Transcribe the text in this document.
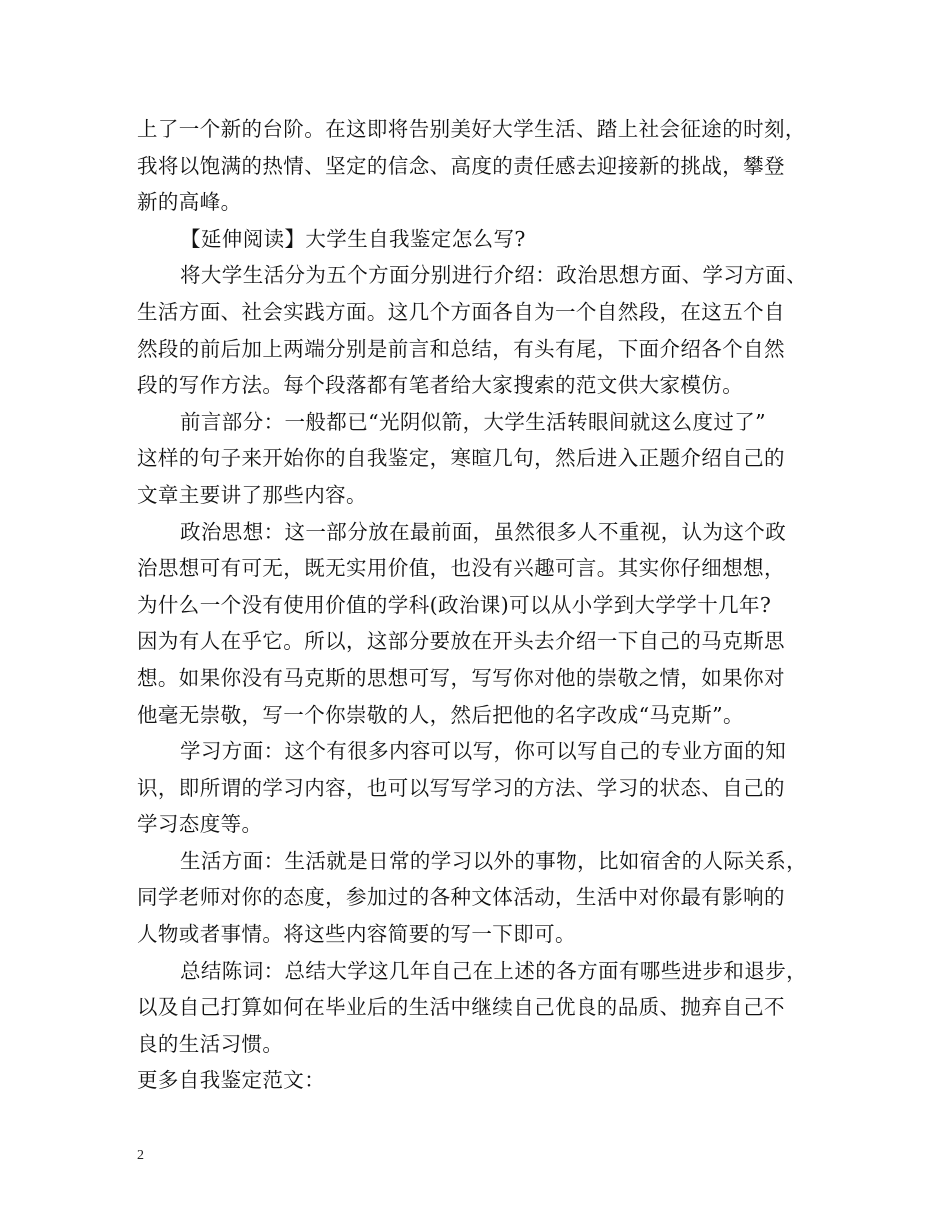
上了一个新的台阶。在这即将告别美好大学生活、踏上社会征途的时刻，
我将以饱满的热情、坚定的信念、高度的责任感去迎接新的挑战，攀登
新的高峰。
【延伸阅读】大学生自我鉴定怎么写?
将大学生活分为五个方面分别进行介绍：政治思想方面、学习方面、
生活方面、社会实践方面。这几个方面各自为一个自然段，在这五个自
然段的前后加上两端分别是前言和总结，有头有尾，下面介绍各个自然
段的写作方法。每个段落都有笔者给大家搜索的范文供大家模仿。
前言部分：一般都已“光阴似箭，大学生活转眼间就这么度过了”
这样的句子来开始你的自我鉴定，寒暄几句，然后进入正题介绍自己的
文章主要讲了那些内容。
政治思想：这一部分放在最前面，虽然很多人不重视，认为这个政
治思想可有可无，既无实用价值，也没有兴趣可言。其实你仔细想想，
为什么一个没有使用价值的学科(政治课)可以从小学到大学学十几年?
因为有人在乎它。所以，这部分要放在开头去介绍一下自己的马克斯思
想。如果你没有马克斯的思想可写，写写你对他的崇敬之情，如果你对
他毫无崇敬，写一个你崇敬的人，然后把他的名字改成“马克斯”。
学习方面：这个有很多内容可以写，你可以写自己的专业方面的知
识，即所谓的学习内容，也可以写写学习的方法、学习的状态、自己的
学习态度等。
生活方面：生活就是日常的学习以外的事物，比如宿舍的人际关系，
同学老师对你的态度，参加过的各种文体活动，生活中对你最有影响的
人物或者事情。将这些内容简要的写一下即可。
总结陈词：总结大学这几年自己在上述的各方面有哪些进步和退步，
以及自己打算如何在毕业后的生活中继续自己优良的品质、抛弃自己不
良的生活习惯。
更多自我鉴定范文：
2
